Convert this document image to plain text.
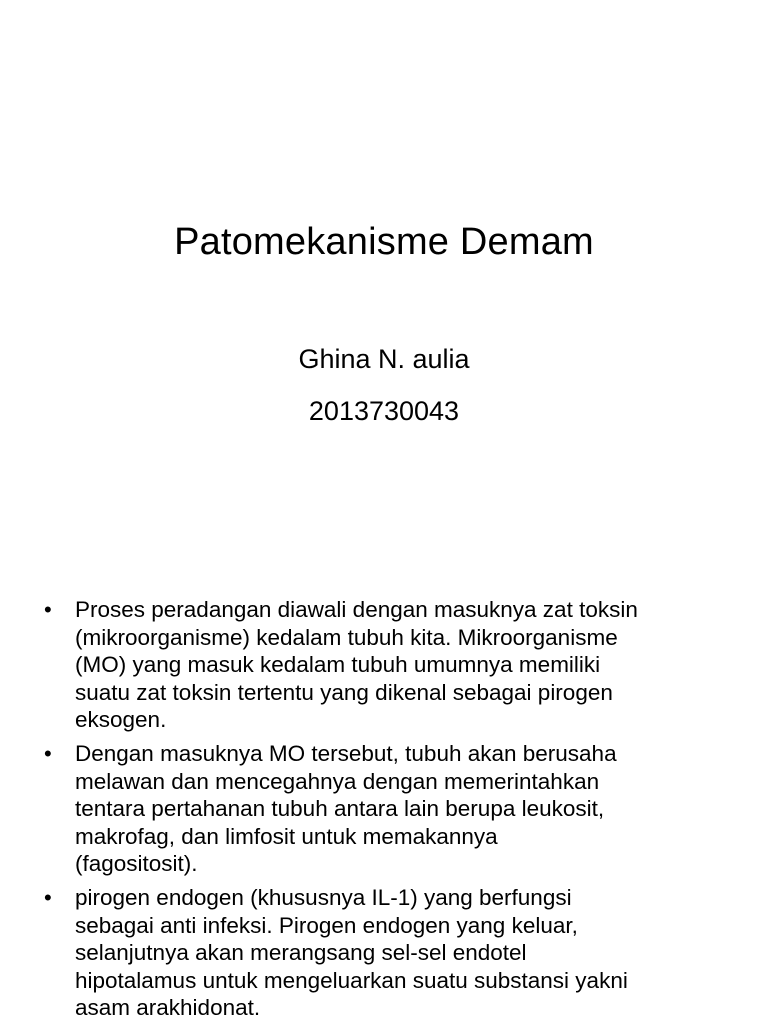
Patomekanisme Demam
Ghina N. aulia
2013730043
• Proses peradangan diawali dengan masuknya zat toksin
(mikroorganisme) kedalam tubuh kita. Mikroorganisme
(MO) yang masuk kedalam tubuh umumnya memiliki
suatu zat toksin tertentu yang dikenal sebagai pirogen
eksogen.
• Dengan masuknya MO tersebut, tubuh akan berusaha
melawan dan mencegahnya dengan memerintahkan
tentara pertahanan tubuh antara lain berupa leukosit,
makrofag, dan limfosit untuk memakannya
(fagositosit).
• pirogen endogen (khususnya IL-1) yang berfungsi
sebagai anti infeksi. Pirogen endogen yang keluar,
selanjutnya akan merangsang sel-sel endotel
hipotalamus untuk mengeluarkan suatu substansi yakni
asam arakhidonat.
